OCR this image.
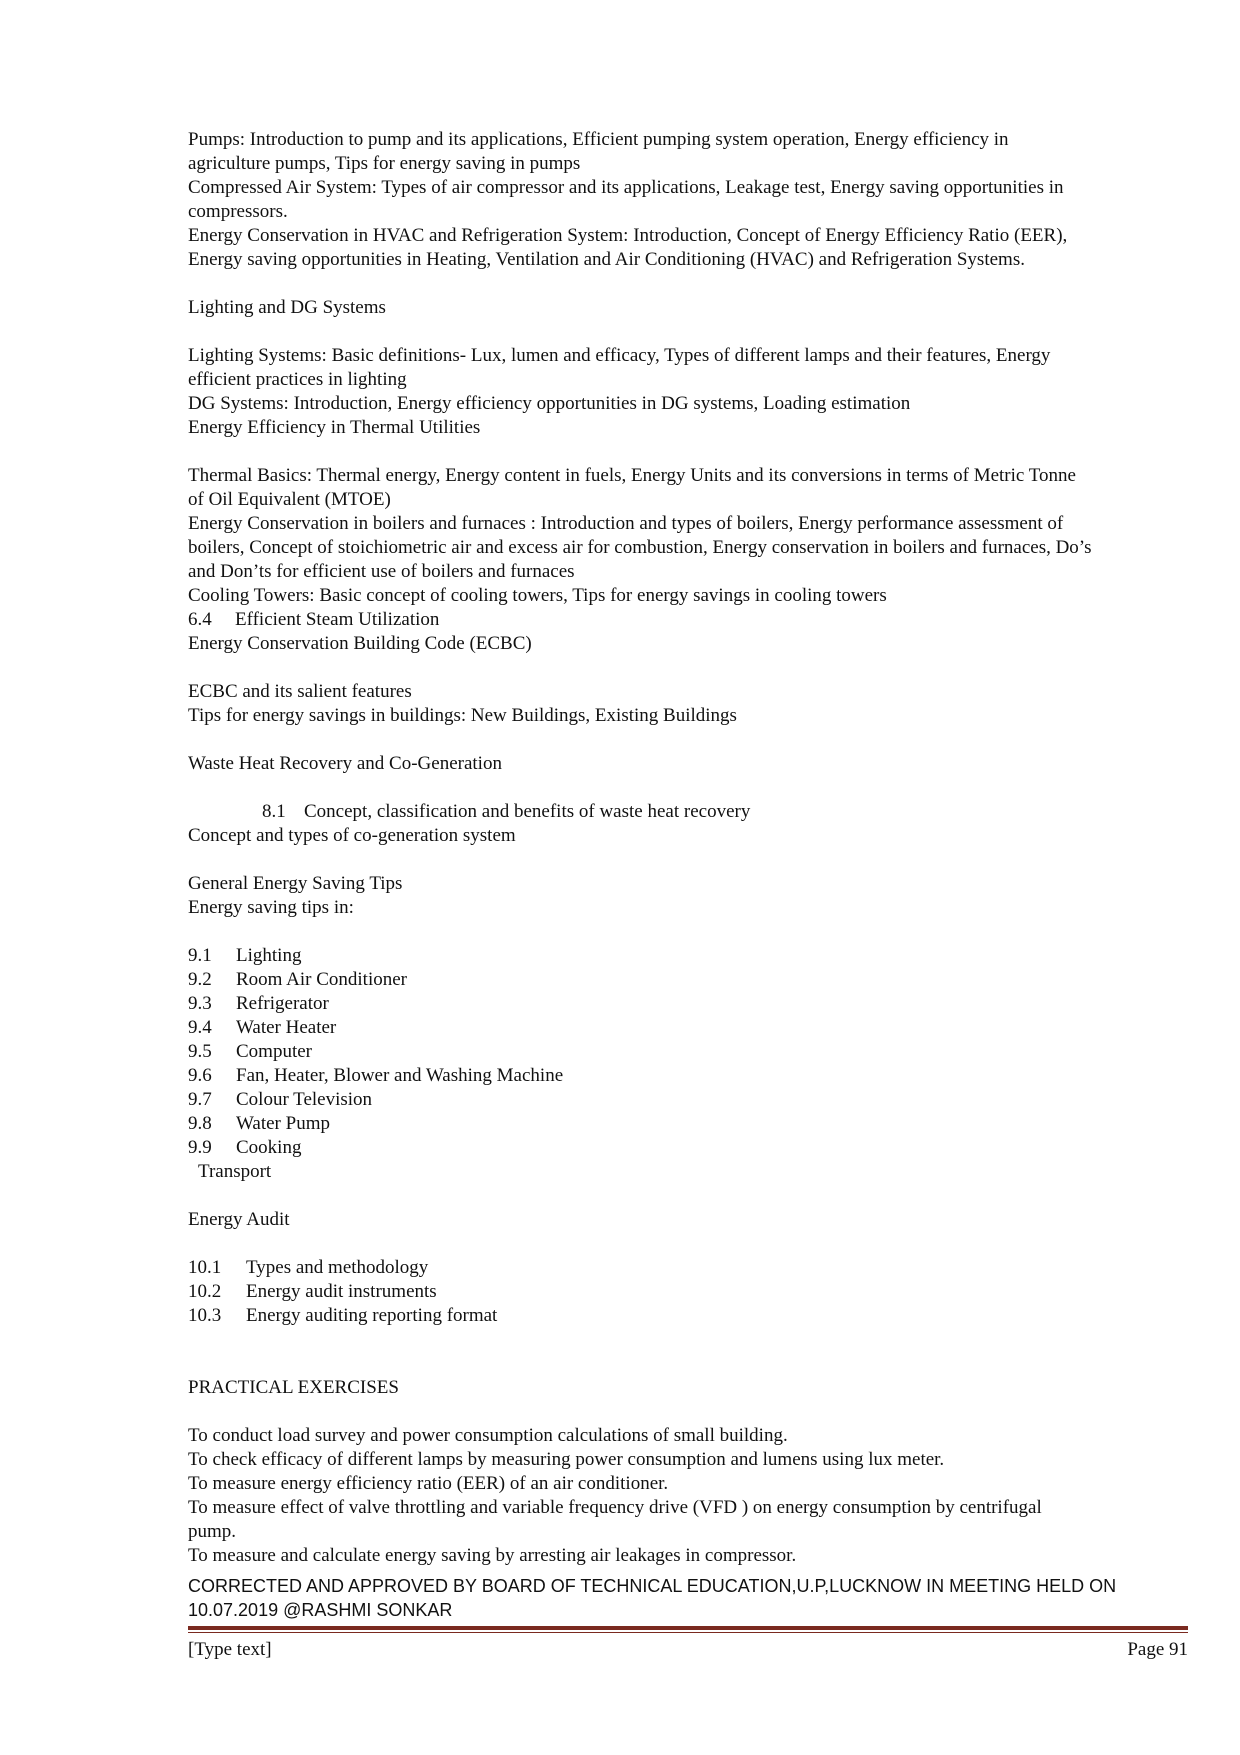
Pumps: Introduction to pump and its applications, Efficient pumping system operation, Energy efficiency in

agriculture pumps, Tips for energy saving in pumps

Compressed Air System: Types of air compressor and its applications, Leakage test, Energy saving opportunities in

compressors.

Energy Conservation in HVAC and Refrigeration System: Introduction, Concept of Energy Efficiency Ratio (EER),

Energy saving opportunities in Heating, Ventilation and Air Conditioning (HVAC) and Refrigeration Systems.

Lighting and DG Systems

Lighting Systems: Basic definitions- Lux, lumen and efficacy, Types of different lamps and their features, Energy

efficient practices in lighting

DG Systems: Introduction, Energy efficiency opportunities in DG systems, Loading estimation

Energy Efficiency in Thermal Utilities

Thermal Basics: Thermal energy, Energy content in fuels, Energy Units and its conversions in terms of Metric Tonne

of Oil Equivalent (MTOE)

Energy Conservation in boilers and furnaces : Introduction and types of boilers, Energy performance assessment of

boilers, Concept of stoichiometric air and excess air for combustion, Energy conservation in boilers and furnaces, Do’s

and Don’ts for efficient use of boilers and furnaces

Cooling Towers: Basic concept of cooling towers, Tips for energy savings in cooling towers

6.4 Efficient Steam Utilization

Energy Conservation Building Code (ECBC)

ECBC and its salient features

Tips for energy savings in buildings: New Buildings, Existing Buildings

Waste Heat Recovery and Co-Generation

8.1 Concept, classification and benefits of waste heat recovery

Concept and types of co-generation system

General Energy Saving Tips

Energy saving tips in:

9.1 Lighting

9.2 Room Air Conditioner

9.3 Refrigerator

9.4 Water Heater

9.5 Computer

9.6 Fan, Heater, Blower and Washing Machine

9.7 Colour Television

9.8 Water Pump

9.9 Cooking

Transport

Energy Audit

10.1 Types and methodology

10.2 Energy audit instruments

10.3 Energy auditing reporting format

PRACTICAL EXERCISES

To conduct load survey and power consumption calculations of small building.

To check efficacy of different lamps by measuring power consumption and lumens using lux meter.

To measure energy efficiency ratio (EER) of an air conditioner.

To measure effect of valve throttling and variable frequency drive (VFD ) on energy consumption by centrifugal

pump.

To measure and calculate energy saving by arresting air leakages in compressor.

CORRECTED AND APPROVED BY BOARD OF TECHNICAL EDUCATION,U.P,LUCKNOW IN MEETING HELD ON
10.07.2019 @RASHMI SONKAR
[Type text]	Page 91
